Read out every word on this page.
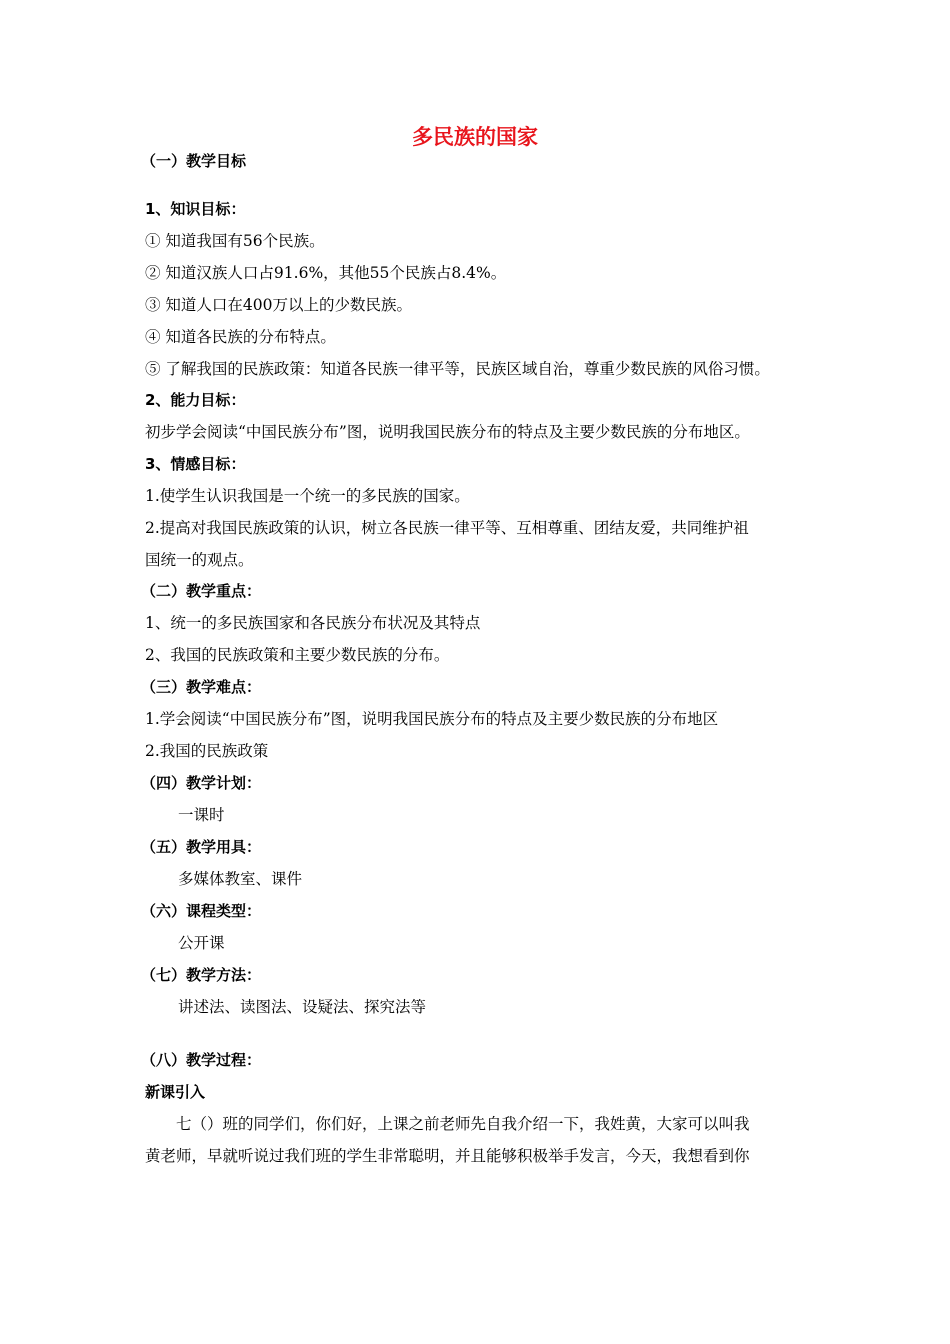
多民族的国家
（一）教学目标
1、知识目标：
① 知道我国有56个民族。
② 知道汉族人口占91.6%，其他55个民族占8.4%。
③ 知道人口在400万以上的少数民族。
④ 知道各民族的分布特点。
⑤ 了解我国的民族政策：知道各民族一律平等，民族区域自治，尊重少数民族的风俗习惯。
2、能力目标：
初步学会阅读“中国民族分布”图，说明我国民族分布的特点及主要少数民族的分布地区。
3、情感目标：
1.使学生认识我国是一个统一的多民族的国家。
2.提高对我国民族政策的认识，树立各民族一律平等、互相尊重、团结友爱，共同维护祖
国统一的观点。
（二）教学重点：
1、统一的多民族国家和各民族分布状况及其特点
2、我国的民族政策和主要少数民族的分布。
（三）教学难点：
1.学会阅读“中国民族分布”图，说明我国民族分布的特点及主要少数民族的分布地区
2.我国的民族政策
（四）教学计划：
一课时
（五）教学用具：
多媒体教室、课件
（六）课程类型：
公开课
（七）教学方法：
讲述法、读图法、设疑法、探究法等
（八）教学过程：
新课引入
七（）班的同学们，你们好，上课之前老师先自我介绍一下，我姓黄，大家可以叫我
黄老师，早就听说过我们班的学生非常聪明，并且能够积极举手发言，今天，我想看到你
